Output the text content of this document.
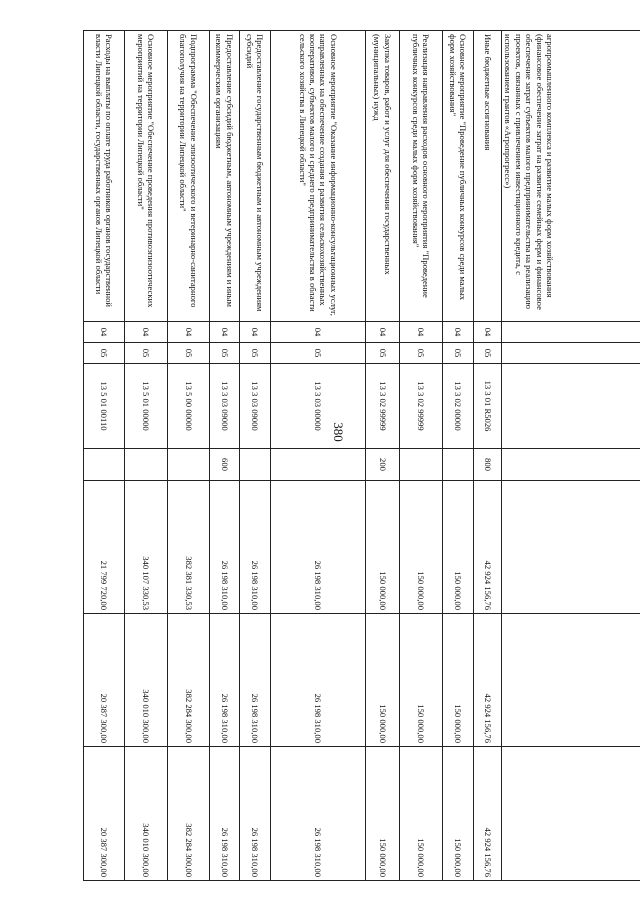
380
агропромышленного комплекса и развитие малых форм хозяйствования (финансовое обеспечение затрат на развитие семейных ферм и финансовое обеспечение затрат субъектов малого предпринимательства на реализацию проектов, связанных с привлечением инвестиционного кредита, с использованием грантов «Агропрогресс»)							
Иные бюджетные ассигнования	04	05	13 3 01 R5026	800	42 924 156,76	42 924 156,76	42 924 156,76
Основное мероприятие "Проведение публичных конкурсов среди малых форм хозяйствования"	04	05	13 3 02 00000		150 000,00	150 000,00	150 000,00
Реализация направления расходов основного мероприятия "Проведение публичных конкурсов среди малых форм хозяйствования"	04	05	13 3 02 99999		150 000,00	150 000,00	150 000,00
Закупка товаров, работ и услуг для обеспечения государственных (муниципальных) нужд	04	05	13 3 02 99999	200	150 000,00	150 000,00	150 000,00
Основное мероприятие "Оказание информационно-консультационных услуг, направленных на обеспечение создания и развития сельскохозяйственных кооперативов, субъектов малого и среднего предпринимательства в области сельского хозяйства в Липецкой области"	04	05	13 3 03 00000		26 198 310,00	26 198 310,00	26 198 310,00
Предоставление государственным бюджетным и автономным учреждениям субсидий	04	05	13 3 03 09000		26 198 310,00	26 198 310,00	26 198 310,00
Предоставление субсидий бюджетным, автономным учреждениям и иным некоммерческим организациям	04	05	13 3 03 09000	600	26 198 310,00	26 198 310,00	26 198 310,00
Подпрограмма "Обеспечение эпизоотического и ветеринарно-санитарного благополучия на территории Липецкой области"	04	05	13 5 00 00000		382 381 330,53	382 284 300,00	382 284 300,00
Основное мероприятие "Обеспечение проведения противоэпизоотических мероприятий на территории Липецкой области"	04	05	13 5 01 00000		340 107 330,53	340 010 300,00	340 010 300,00
Расходы на выплаты по оплате труда работников органов государственной власти Липецкой области, государственных органов Липецкой области	04	05	13 5 01 00110		21 799 720,00	20 387 300,00	20 387 300,00
